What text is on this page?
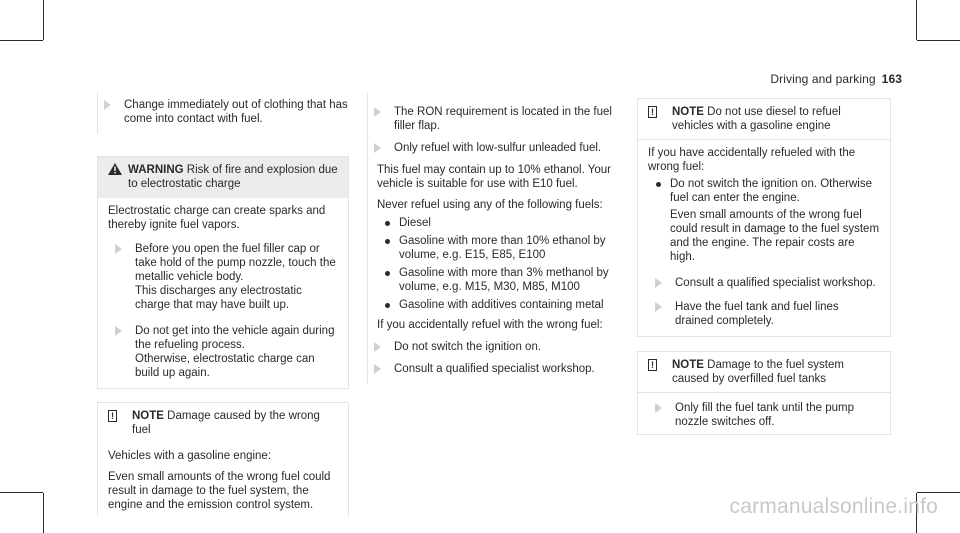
Driving and parking 163
Change immediately out of clothing that has come into contact with fuel.
WARNING Risk of fire and explosion due to electrostatic charge
Electrostatic charge can create sparks and thereby ignite fuel vapors.
Before you open the fuel filler cap or take hold of the pump nozzle, touch the metallic vehicle body.
This discharges any electrostatic charge that may have built up.
Do not get into the vehicle again during the refueling process.
Otherwise, electrostatic charge can build up again.
!	NOTE Damage caused by the wrong fuel
Vehicles with a gasoline engine:
Even small amounts of the wrong fuel could result in damage to the fuel system, the engine and the emission control system.
The RON requirement is located in the fuel filler flap.
Only refuel with low-sulfur unleaded fuel.
This fuel may contain up to 10% ethanol. Your vehicle is suitable for use with E10 fuel.
Never refuel using any of the following fuels:
Diesel
Gasoline with more than 10% ethanol by volume, e.g. E15, E85, E100
Gasoline with more than 3% methanol by volume, e.g. M15, M30, M85, M100
Gasoline with additives containing metal
If you accidentally refuel with the wrong fuel:
Do not switch the ignition on.
Consult a qualified specialist workshop.
!	NOTE Do not use diesel to refuel vehicles with a gasoline engine
If you have accidentally refueled with the wrong fuel:
Do not switch the ignition on. Otherwise fuel can enter the engine.
Even small amounts of the wrong fuel could result in damage to the fuel system and the engine. The repair costs are high.
Consult a qualified specialist workshop.
Have the fuel tank and fuel lines drained completely.
!	NOTE Damage to the fuel system caused by overfilled fuel tanks
Only fill the fuel tank until the pump nozzle switches off.
carmanualsonline.info
